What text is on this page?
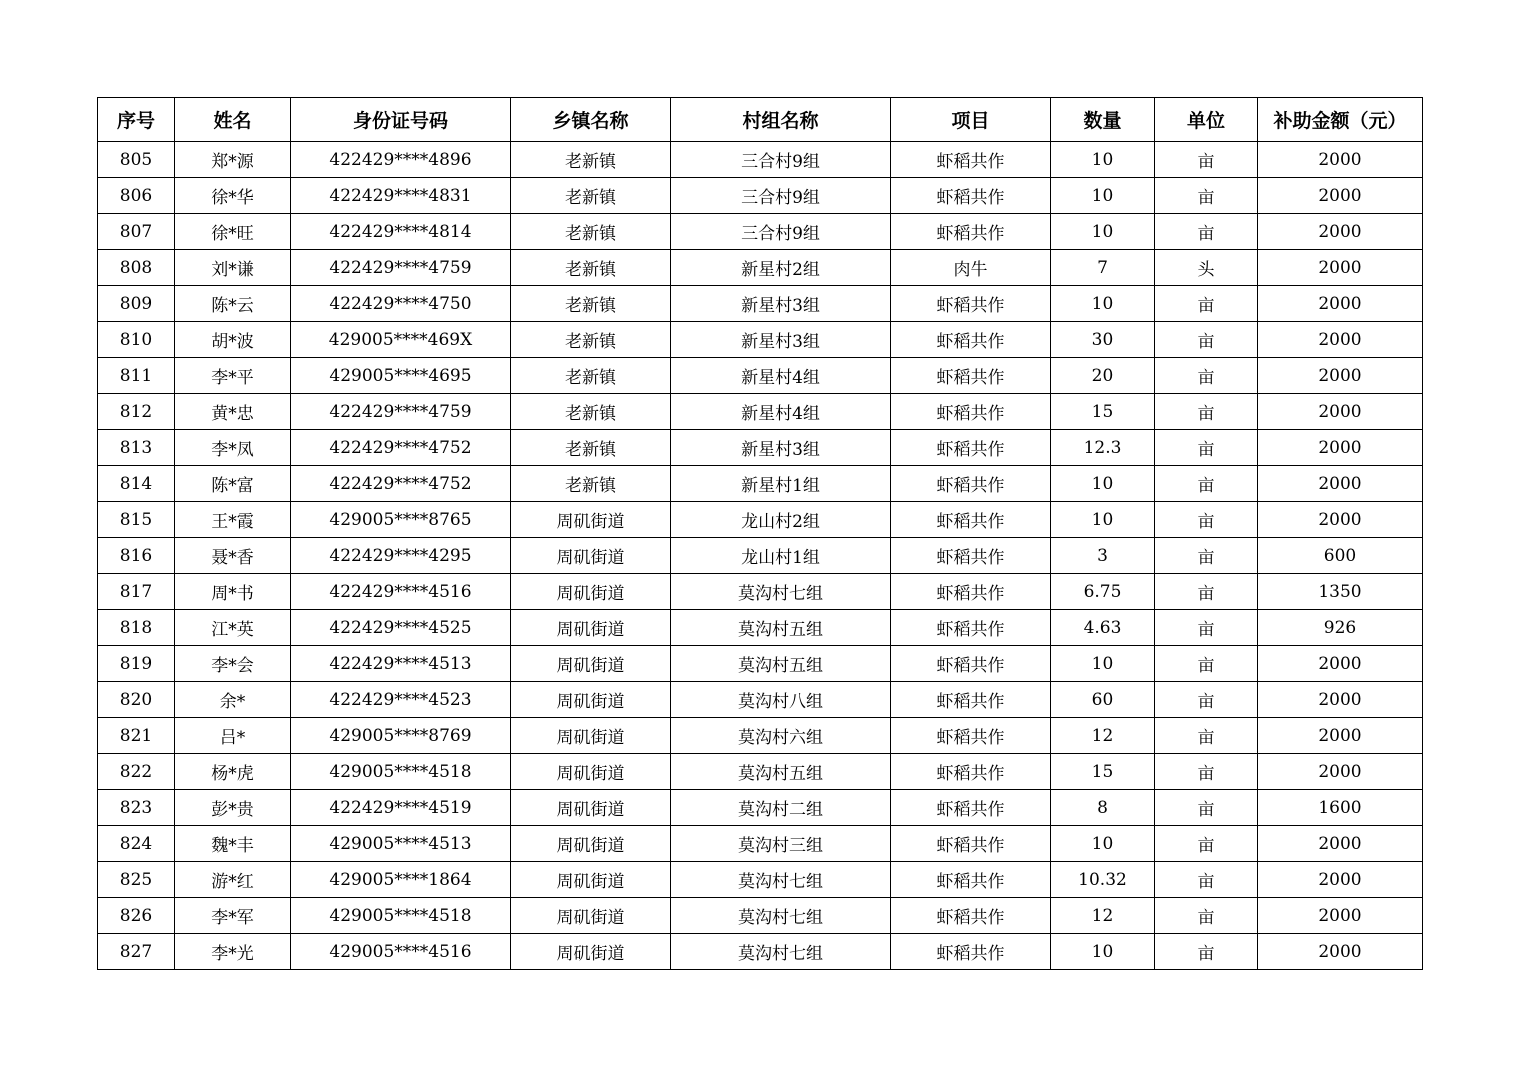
序号	姓名	身份证号码	乡镇名称	村组名称	项目	数量	单位	补助金额（元）
805	郑*源	422429****4896	老新镇	三合村9组	虾稻共作	10	亩	2000
806	徐*华	422429****4831	老新镇	三合村9组	虾稻共作	10	亩	2000
807	徐*旺	422429****4814	老新镇	三合村9组	虾稻共作	10	亩	2000
808	刘*谦	422429****4759	老新镇	新星村2组	肉牛	7	头	2000
809	陈*云	422429****4750	老新镇	新星村3组	虾稻共作	10	亩	2000
810	胡*波	429005****469X	老新镇	新星村3组	虾稻共作	30	亩	2000
811	李*平	429005****4695	老新镇	新星村4组	虾稻共作	20	亩	2000
812	黄*忠	422429****4759	老新镇	新星村4组	虾稻共作	15	亩	2000
813	李*凤	422429****4752	老新镇	新星村3组	虾稻共作	12.3	亩	2000
814	陈*富	422429****4752	老新镇	新星村1组	虾稻共作	10	亩	2000
815	王*霞	429005****8765	周矶街道	龙山村2组	虾稻共作	10	亩	2000
816	聂*香	422429****4295	周矶街道	龙山村1组	虾稻共作	3	亩	600
817	周*书	422429****4516	周矶街道	莫沟村七组	虾稻共作	6.75	亩	1350
818	江*英	422429****4525	周矶街道	莫沟村五组	虾稻共作	4.63	亩	926
819	李*会	422429****4513	周矶街道	莫沟村五组	虾稻共作	10	亩	2000
820	余*	422429****4523	周矶街道	莫沟村八组	虾稻共作	60	亩	2000
821	吕*	429005****8769	周矶街道	莫沟村六组	虾稻共作	12	亩	2000
822	杨*虎	429005****4518	周矶街道	莫沟村五组	虾稻共作	15	亩	2000
823	彭*贵	422429****4519	周矶街道	莫沟村二组	虾稻共作	8	亩	1600
824	魏*丰	429005****4513	周矶街道	莫沟村三组	虾稻共作	10	亩	2000
825	游*红	429005****1864	周矶街道	莫沟村七组	虾稻共作	10.32	亩	2000
826	李*军	429005****4518	周矶街道	莫沟村七组	虾稻共作	12	亩	2000
827	李*光	429005****4516	周矶街道	莫沟村七组	虾稻共作	10	亩	2000
